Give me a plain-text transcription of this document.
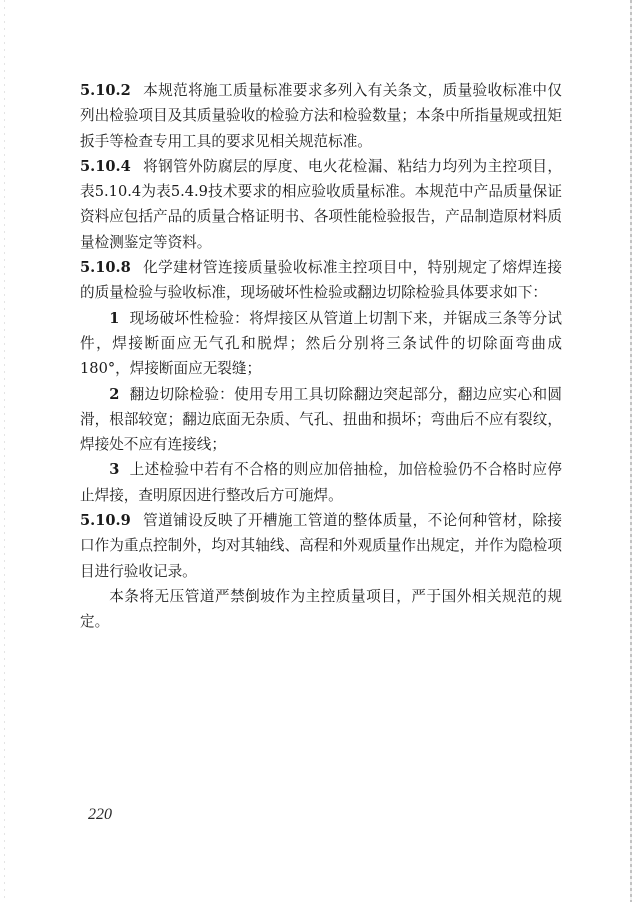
5.10.2 本规范将施工质量标准要求多列入有关条文，质量验收标准中仅列出检验项目及其质量验收的检验方法和检验数量；本条中所指量规或扭矩扳手等检查专用工具的要求见相关规范标准。

5.10.4 将钢管外防腐层的厚度、电火花检漏、粘结力均列为主控项目，表5.10.4为表5.4.9技术要求的相应验收质量标准。本规范中产品质量保证资料应包括产品的质量合格证明书、各项性能检验报告，产品制造原材料质量检测鉴定等资料。

5.10.8 化学建材管连接质量验收标准主控项目中，特别规定了熔焊连接的质量检验与验收标准，现场破坏性检验或翻边切除检验具体要求如下：

1 现场破坏性检验：将焊接区从管道上切割下来，并锯成三条等分试件，焊接断面应无气孔和脱焊；然后分别将三条试件的切除面弯曲成180°，焊接断面应无裂缝；

2 翻边切除检验：使用专用工具切除翻边突起部分，翻边应实心和圆滑，根部较宽；翻边底面无杂质、气孔、扭曲和损坏；弯曲后不应有裂纹，焊接处不应有连接线；

3 上述检验中若有不合格的则应加倍抽检，加倍检验仍不合格时应停止焊接，查明原因进行整改后方可施焊。

5.10.9 管道铺设反映了开槽施工管道的整体质量，不论何种管材，除接口作为重点控制外，均对其轴线、高程和外观质量作出规定，并作为隐检项目进行验收记录。

本条将无压管道严禁倒坡作为主控质量项目，严于国外相关规范的规定。

220
